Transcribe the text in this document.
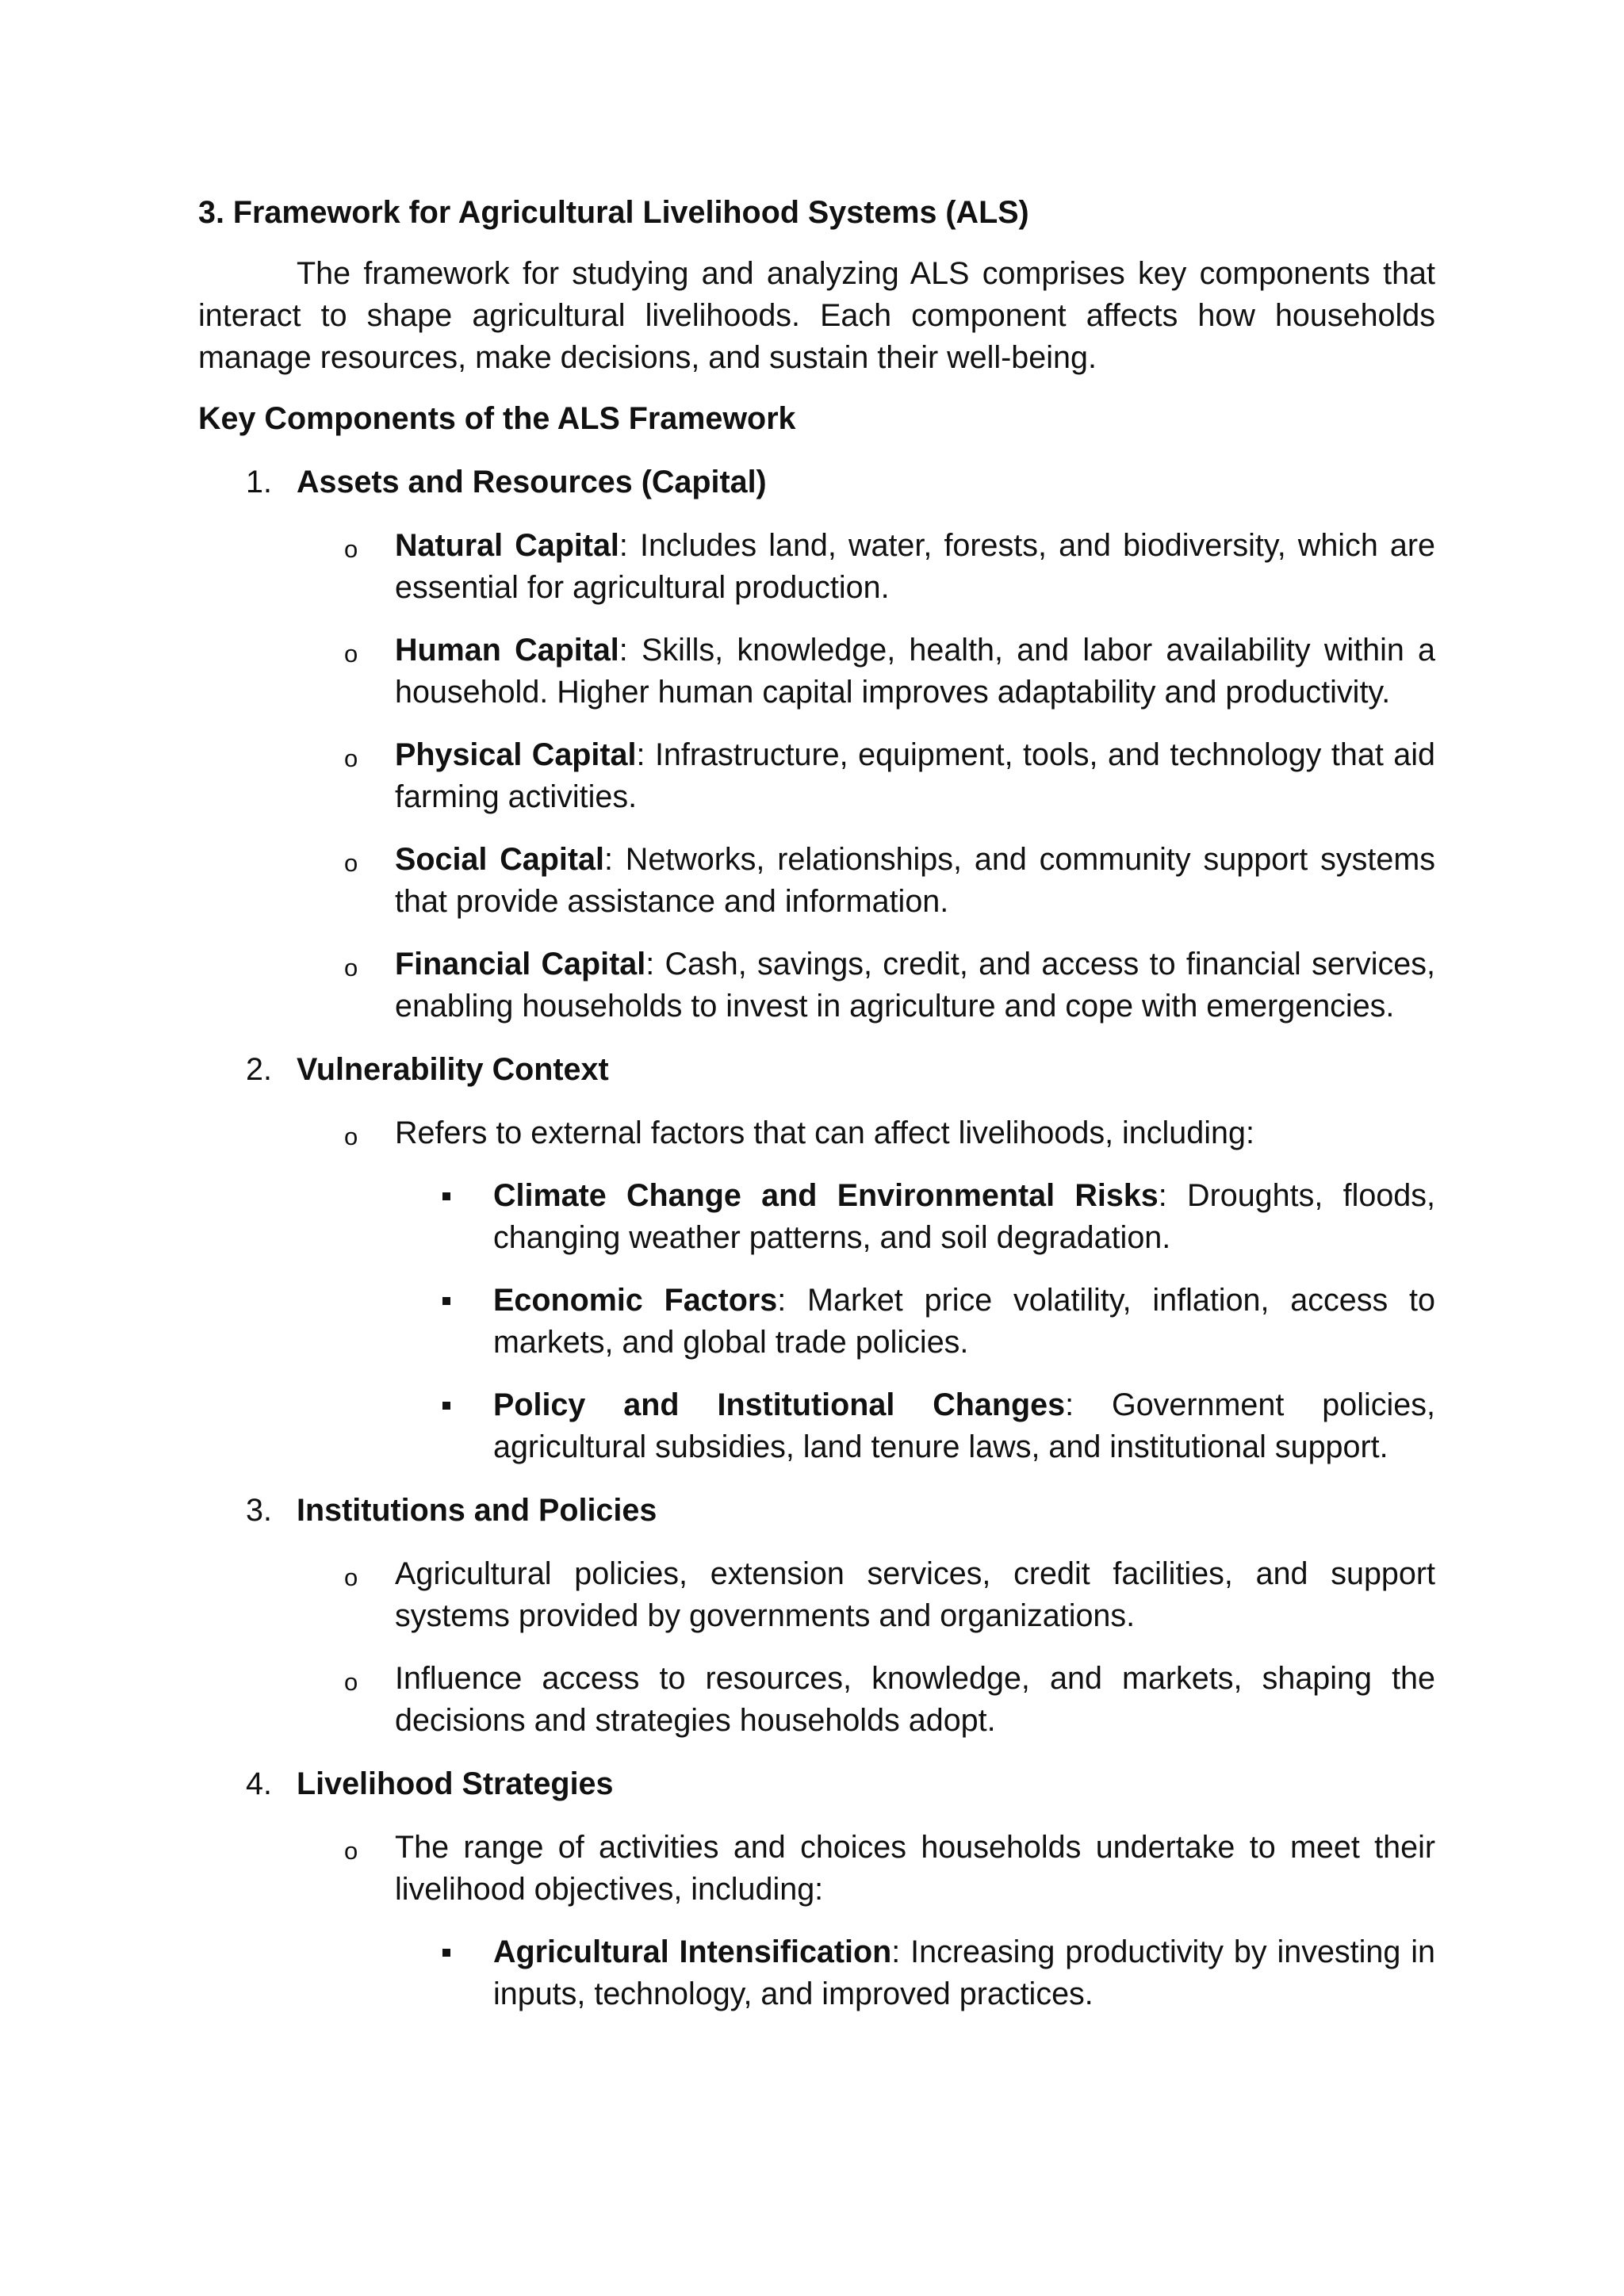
3. Framework for Agricultural Livelihood Systems (ALS)
The framework for studying and analyzing ALS comprises key components that interact to shape agricultural livelihoods. Each component affects how households manage resources, make decisions, and sustain their well-being.
Key Components of the ALS Framework
1. Assets and Resources (Capital)
o Natural Capital: Includes land, water, forests, and biodiversity, which are essential for agricultural production.
o Human Capital: Skills, knowledge, health, and labor availability within a household. Higher human capital improves adaptability and productivity.
o Physical Capital: Infrastructure, equipment, tools, and technology that aid farming activities.
o Social Capital: Networks, relationships, and community support systems that provide assistance and information.
o Financial Capital: Cash, savings, credit, and access to financial services, enabling households to invest in agriculture and cope with emergencies.
2. Vulnerability Context
o Refers to external factors that can affect livelihoods, including:
Climate Change and Environmental Risks: Droughts, floods, changing weather patterns, and soil degradation.
Economic Factors: Market price volatility, inflation, access to markets, and global trade policies.
Policy and Institutional Changes: Government policies, agricultural subsidies, land tenure laws, and institutional support.
3. Institutions and Policies
o Agricultural policies, extension services, credit facilities, and support systems provided by governments and organizations.
o Influence access to resources, knowledge, and markets, shaping the decisions and strategies households adopt.
4. Livelihood Strategies
o The range of activities and choices households undertake to meet their livelihood objectives, including:
Agricultural Intensification: Increasing productivity by investing in inputs, technology, and improved practices.
